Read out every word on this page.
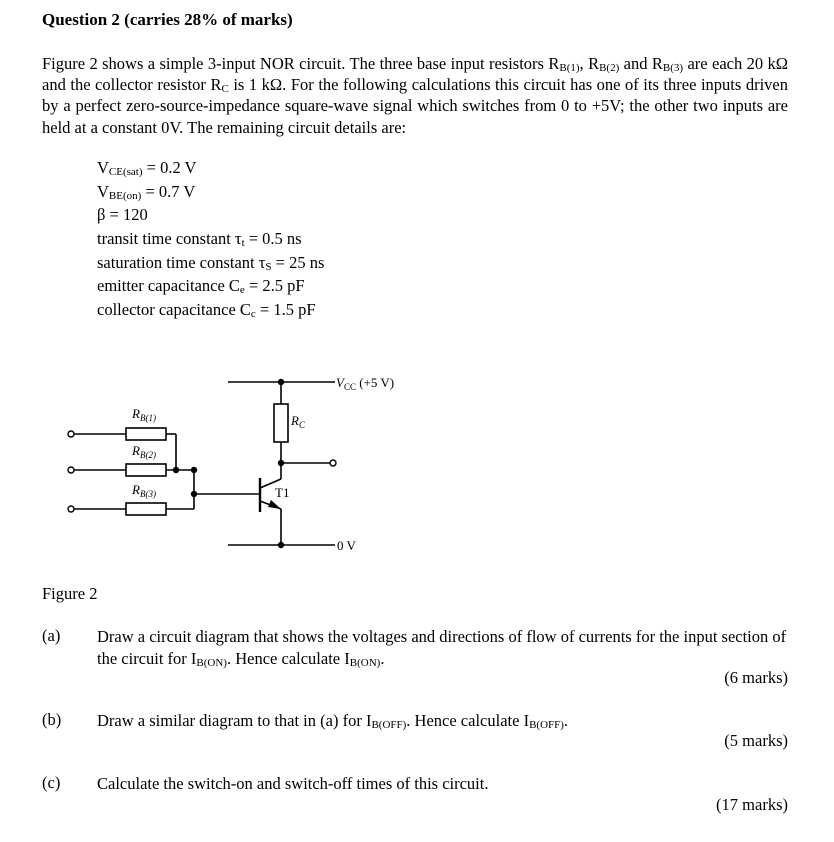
Question 2 (carries 28% of marks)
Figure 2 shows a simple 3-input NOR circuit. The three base input resistors $R_{B(1)}$, $R_{B(2)}$ and $R_{B(3)}$ are each 20 kΩ and the collector resistor $R_C$ is 1 kΩ. For the following calculations this circuit has one of its three inputs driven by a perfect zero-source-impedance square-wave signal which switches from 0 to +5V; the other two inputs are held at a constant 0V. The remaining circuit details are:
$V_{CE(sat)} = 0.2$ V
$V_{BE(on)} = 0.7$ V
β = 120
transit time constant $\tau_t = 0.5$ ns
saturation time constant $\tau_S = 25$ ns
emitter capacitance $C_e = 2.5$ pF
collector capacitance $C_c = 1.5$ pF
$V_{CC}$ (+5 V)
$R_C$
$R_{B(1)}$
$R_{B(2)}$
$R_{B(3)}$	T1
0 V
Figure 2
(a) Draw a circuit diagram that shows the voltages and directions of flow of currents for the input section of the circuit for $I_{B(ON)}$. Hence calculate $I_{B(ON)}$.
(6 marks)
(b) Draw a similar diagram to that in (a) for $I_{B(OFF)}$. Hence calculate $I_{B(OFF)}$.
(5 marks)
(c) Calculate the switch-on and switch-off times of this circuit.
(17 marks)
